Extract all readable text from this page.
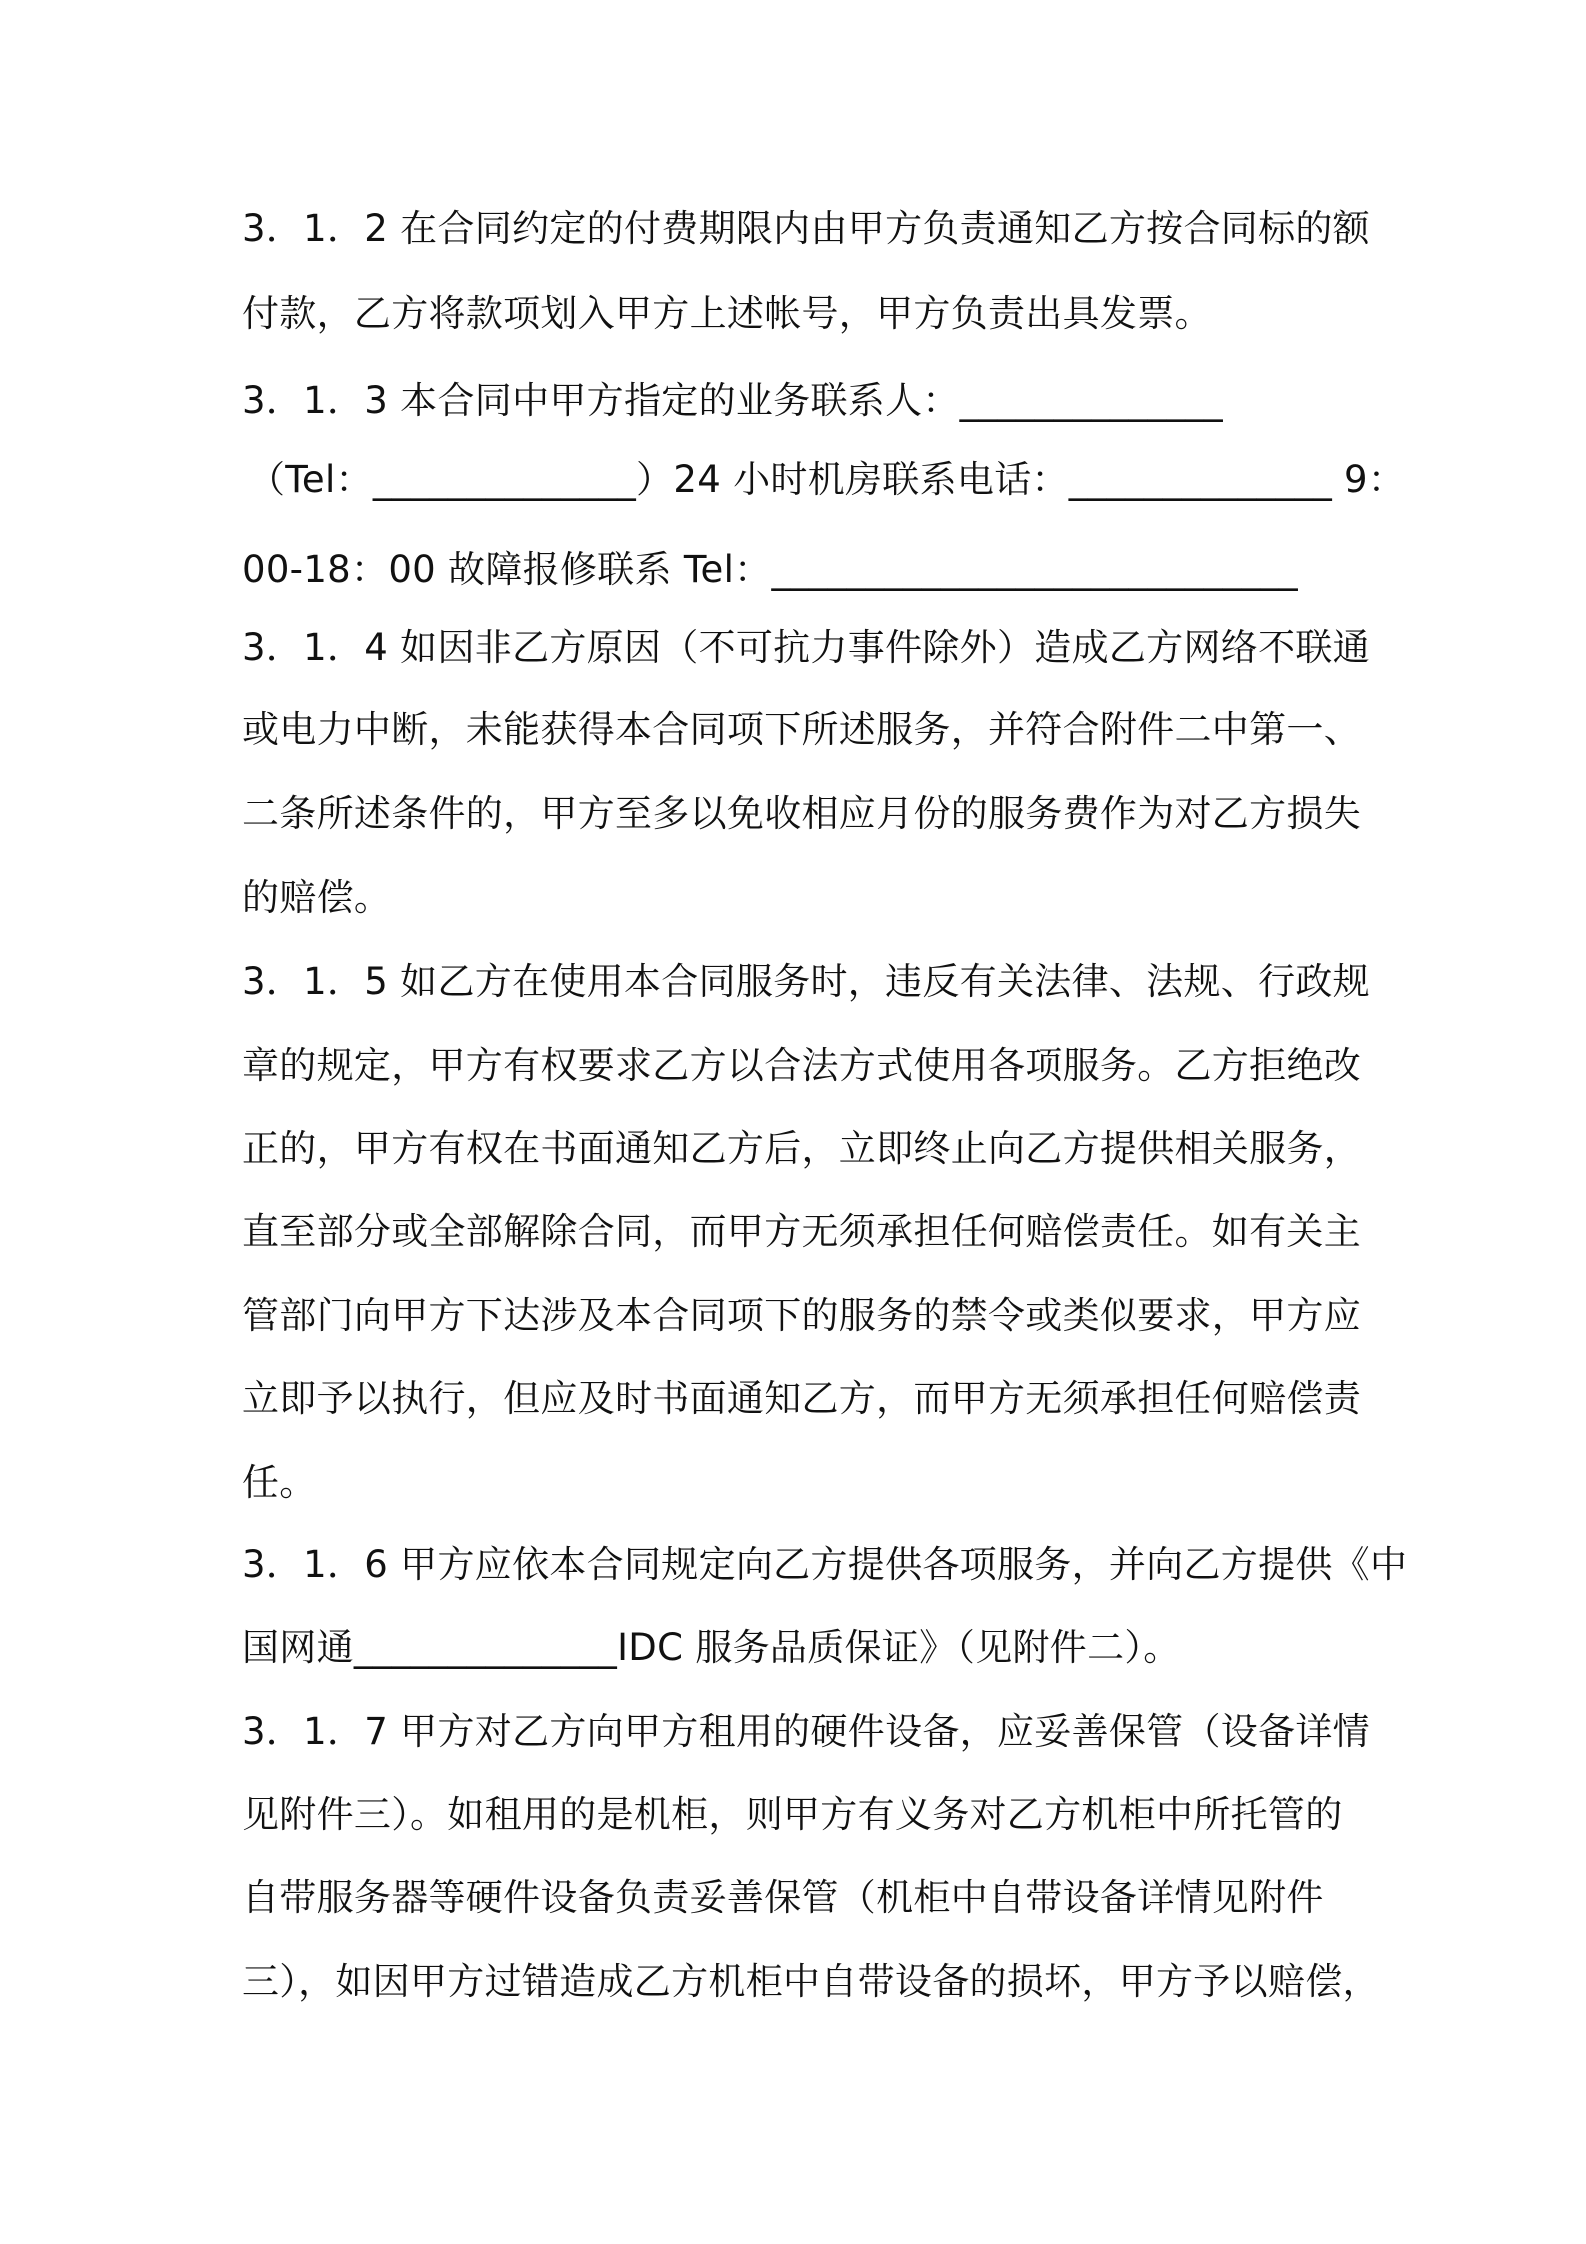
3．1．2 在合同约定的付费期限内由甲方负责通知乙方按合同标的额
付款，乙方将款项划入甲方上述帐号，甲方负责出具发票。
3．1．3 本合同中甲方指定的业务联系人：______________
（Tel：______________）24 小时机房联系电话：______________ 9：
00-18：00 故障报修联系 Tel：____________________________
3．1．4 如因非乙方原因（不可抗力事件除外）造成乙方网络不联通
或电力中断，未能获得本合同项下所述服务，并符合附件二中第一、
二条所述条件的，甲方至多以免收相应月份的服务费作为对乙方损失
的赔偿。
3．1．5 如乙方在使用本合同服务时，违反有关法律、法规、行政规
章的规定，甲方有权要求乙方以合法方式使用各项服务。乙方拒绝改
正的，甲方有权在书面通知乙方后，立即终止向乙方提供相关服务，
直至部分或全部解除合同，而甲方无须承担任何赔偿责任。如有关主
管部门向甲方下达涉及本合同项下的服务的禁令或类似要求，甲方应
立即予以执行，但应及时书面通知乙方，而甲方无须承担任何赔偿责
任。
3．1．6 甲方应依本合同规定向乙方提供各项服务，并向乙方提供《中
国网通______________IDC 服务品质保证》（见附件二）。
3．1．7 甲方对乙方向甲方租用的硬件设备，应妥善保管（设备详情
见附件三）。如租用的是机柜，则甲方有义务对乙方机柜中所托管的
自带服务器等硬件设备负责妥善保管（机柜中自带设备详情见附件
三），如因甲方过错造成乙方机柜中自带设备的损坏，甲方予以赔偿，
